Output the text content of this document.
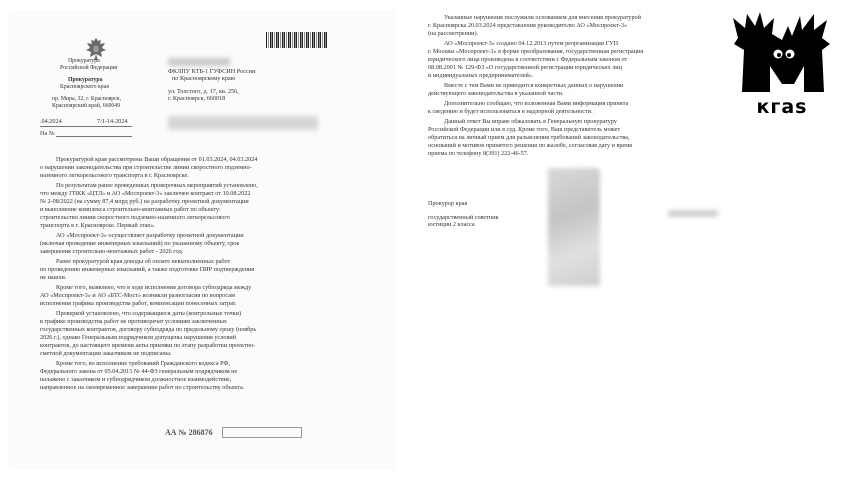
Прокуратура
Российской Федерации
Прокуратура
Красноярского края
пр. Мира, 32, г. Красноярск,
Красноярский край, 660049
.04.2024	7/1-14-2024
На №
ФКЛПУ КТБ-1 ГУФСИН России
по Красноярскому краю
ул. Толстого, д. 17, кв. 256,
г. Красноярск, 660018
Прокуратурой края рассмотрены Ваши обращения от 01.03.2024, 04.03.2024
о нарушении законодательства при строительстве линии скоростного подземно-
наземного легкорельсового транспорта в г. Красноярске.
По результатам ранее проведенных проверочных мероприятий установлено,
что между ГПКК «ЦТЛ» и АО «Моспроект-3» заключен контракт от 10.08.2022
№ 2-08/2022 (на сумму 87,4 млрд руб.) на разработку проектной документации
и выполнение комплекса строительно-монтажных работ по объекту:
строительство линии скоростного подземно-наземного легкорельсового
транспорта в г. Красноярске. Первый этап».
АО «Моспроект-3» осуществляет разработку проектной документации
(включая проведение инженерных изысканий) по указанному объекту, срок
завершения строительно-монтажных работ - 2026 год.
Ранее прокуратурой края доводы об оплате невыполненных работ
по проведению инженерных изысканий, а также подготовке ПИР подтверждения
не нашли.
Кроме того, выявлено, что в ходе исполнения договора субподряда между
АО «Моспроект-3» и АО «БТС-Мост» возникли разногласия по вопросам
исполнения графика производства работ, компенсации понесенных затрат.
Проверкой установлено, что содержащиеся даты (контрольные точки)
в графике производства работ не противоречат условиям заключенных
государственных контрактов, договору субподряда по предельному сроку (ноябрь
2026 г.), однако Генеральным подрядчиком допущены нарушения условий
контрактов, до настоящего времени акты приемки по этапу разработки проектно-
сметной документации заказчиком не подписаны.
Кроме того, во исполнение требований Гражданского кодекса РФ,
Федерального закона от 05.04.2013 № 44-ФЗ генеральным подрядчиком не
налажено с заказчиком и субподрядчиком должностное взаимодействие,
направленное на своевременное завершение работ по строительству объекта.
АА № 286876
Указанные нарушения послужили основанием для внесения прокуратурой
г. Красноярска 20.03.2024 представления руководителю АО «Моспроект-3»
(на рассмотрении).
АО «Моспроект-3» создано 04.12.2013 путем реорганизации ГУП
г. Москвы «Моспроект-3» в форме преобразования, государственная регистрация
юридического лица произведена в соответствии с Федеральным законом от
08.08.2001 № 129-ФЗ «О государственной регистрации юридических лиц
и индивидуальных предпринимателей».
Вместе с тем Вами не приводится конкретных данных о нарушении
действующего законодательства в указанной части.
Дополнительно сообщаю, что изложенная Вами информация принята
к сведению и будет использоваться в надзорной деятельности.
Данный ответ Вы вправе обжаловать в Генеральную прокуратуру
Российской Федерации или в суд. Кроме того, Ваш представитель может
обратиться на личный прием для разъяснения требований законодательства,
оснований и мотивов принятого решения по жалобе, согласовав дату и время
приема по телефону 8(391) 222-46-57.
Прокурор края
государственный советник
юстиции 2 класса
кгаs
